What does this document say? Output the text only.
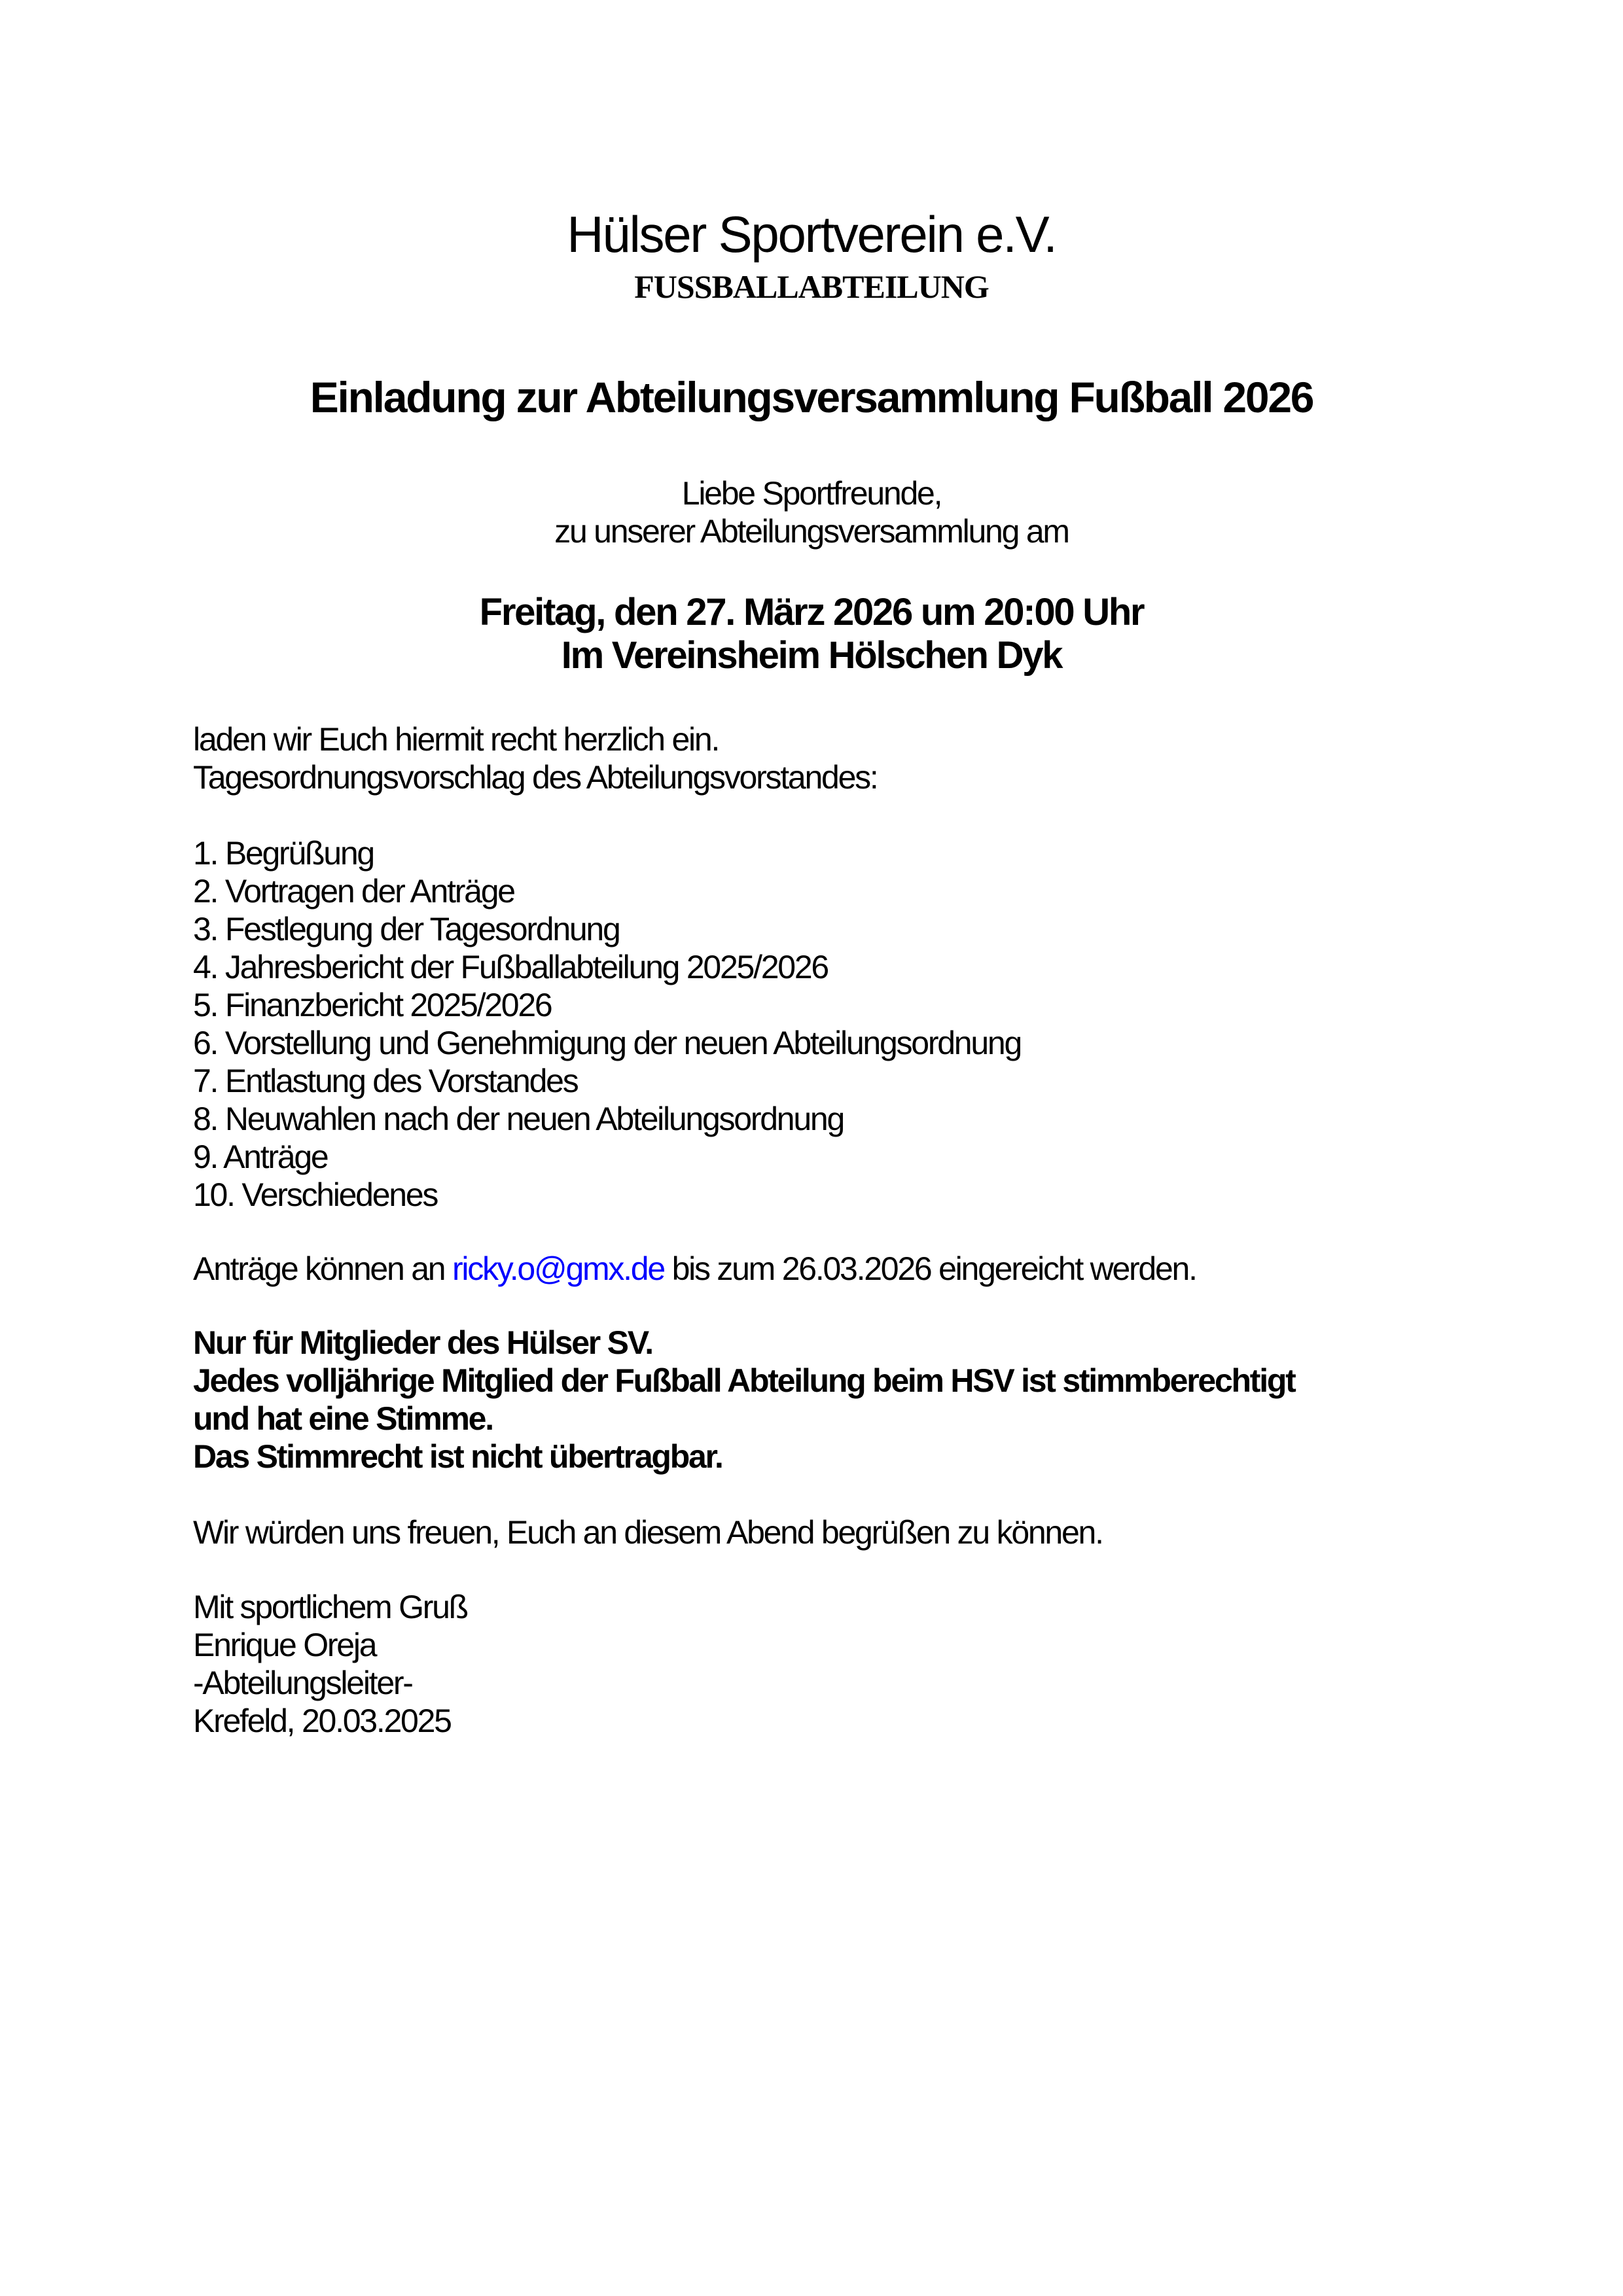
Hülser Sportverein e.V.
FUSSBALLABTEILUNG
Einladung zur Abteilungsversammlung Fußball 2026
Liebe Sportfreunde,
zu unserer Abteilungsversammlung am
Freitag, den 27. März 2026 um 20:00 Uhr
Im Vereinsheim Hölschen Dyk
laden wir Euch hiermit recht herzlich ein.
Tagesordnungsvorschlag des Abteilungsvorstandes:
1. Begrüßung
2. Vortragen der Anträge
3. Festlegung der Tagesordnung
4. Jahresbericht der Fußballabteilung 2025/2026
5. Finanzbericht 2025/2026
6. Vorstellung und Genehmigung der neuen Abteilungsordnung
7. Entlastung des Vorstandes
8. Neuwahlen nach der neuen Abteilungsordnung
9. Anträge
10. Verschiedenes

Anträge können an ricky.o@gmx.de bis zum 26.03.2026 eingereicht werden.

Nur für Mitglieder des Hülser SV.
Jedes volljährige Mitglied der Fußball Abteilung beim HSV ist stimmberechtigt
und hat eine Stimme.
Das Stimmrecht ist nicht übertragbar.

Wir würden uns freuen, Euch an diesem Abend begrüßen zu können.

Mit sportlichem Gruß
Enrique Oreja
-Abteilungsleiter-
Krefeld, 20.03.2025
